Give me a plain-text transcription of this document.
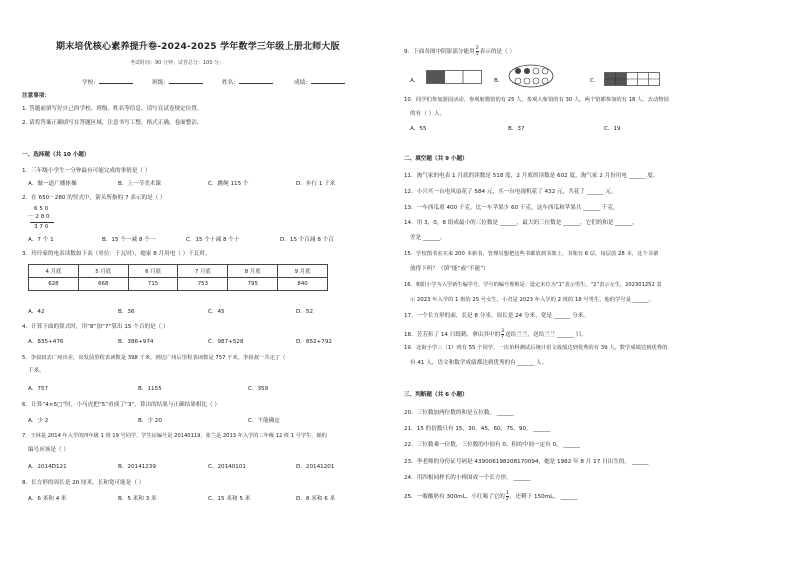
期末培优核心素养提升卷-2024-2025 学年数学三年级上册北师大版
考试时间：90 分钟；试卷总分：100 分；
学校：	班级：	姓名：	成绩：
注意事项：
1. 答题前填写好自己的学校、班级、姓名等信息，请写在试卷规定位置。
2. 请将答案正确填写在答题区域，注意书写工整，格式正确，卷面整洁。
一、选择题（共 10 小题）
1．三年级小学生一分钟最有可能完成的事情是（ ）
A．做一道广播体操	B．上一节美术课	C．跳绳 115 个	D．步行 1 千米
2．在 650－280 的竖式中，箭头所指的 7 表示的是（ ）
6 5 0
－ 2 8 0
3 7 0
A．7 个 1	B．15 个一减 8 个一	C．15 个十减 8 个十	D．15 个百减 8 个百
3．玲玲家的电表读数如下表（单位：千瓦时），她家 8 月用电（ ）千瓦时。
4 月底	5 月底	6 月底	7 月底	8 月底	9 月底
628	668	715	753	795	840
A．42	B．36	C．45	D．52
4．计算下面的算式时，用“8”加“7”算出 15 个百的是（ ）
A．835+476	B．386+974	C．987+528	D．852+792
5．李叔叔去广州出差，出发前里程表读数是 398 千米，到达广州后里程表读数是 757 千米，李叔叔一共走了（
千米。
A．757	B．1155	C．359
6．计算“4×5□”时，小马虎把“5”看成了“3”，算出的结果与正确结果相比（ ）
A．少 2	B．少 20	C．不能确定
7．王林是 2014 年入学的四年级 1 班 19 号同学，学生证编号是 20140119，张兰是 2013 年入学的三年级 12 班 1 号学生，她的
编号应该是（ ）
A．2014D121	B．20141239	C．20140101	D．20141201
8．长方形的周长是 20 厘米，长和宽可能是（ ）
A．6 米和 4 米	B．5 米和 3 米	C．15 米和 5 米	D．8 米和 6 米
9．下面各图中阴影部分能用 $\frac{2}{5}$ 表示的是（ ）
A．	B．	C．
10．同学们参加游园活动，参观航模馆的有 25 人，参观大象馆的有 30 人，两个馆都参加的有 18 人，去动物园
的有（ ）人。
A．55	B．37	C．19
二、填空题（共 9 小题）
11．淘气家的电表 1 月底的读数是 518 度，2 月底的读数是 602 度，淘气家 2 月份用电 ______ 度。
12．小兴买一台电风扇花了 584 元，买一台电视机花了 432 元，共花了 ______ 元。
13．一车西瓜重 400 千克，比一车苹果少 60 千克，这车西瓜和苹果共 ______ 千克。
14．用 3，0，8 组成最小的三位数是 ______，最大的三位数是 ______，它们的和是 ______，
差是 ______。
15．学校图书室买来 200 本新书，管理员想把这些书都放到书架上，书架有 6 层，每层放 28 本，这个书架
放得下吗？（填“能”或“不能”）
16．朝阳小学为入学新生编学号，学号的编号规则是：设定末位为“1”表示男生，“2”表示女生，202301252 表
示 2023 年入学的 1 班的 25 号女生，小君是 2023 年入学的 2 班的 18 号男生，他的学号是 ______。
17．一个长方形的面，长是 8 分米，周长是 24 分米，宽是 ______ 分米。
18．芳芳折了 14 只纸鹤，拿出其中的 $\frac{3}{7}$ 送给兰兰，送给兰兰 ______ 只。
19．北街小学三（1）班有 55 个同学，一次单科测试后统计语文成绩达到优秀的有 39 人，数学成绩达到优秀的
有 41 人，语文和数学成绩都达到优秀的有 ______ 人。
三、判断题（共 6 小题）
20．三位数加两位数的和是五位数。 ______
21．15 的倍数只有 15，30，45，60，75，90。 ______
22．三位数乘一位数，三位数的中间有 0，积的中间一定有 0。 ______
23．李老师的身份证号码是 439006198208170094，她是 1982 年 8 月 17 日出生的。 ______
24．用四根同样长的小棒围成一个长方形。 ______
25．一瓶酸奶有 300mL，小红喝了它的 $\frac{1}{2}$ ，还剩下 150mL。 ______
